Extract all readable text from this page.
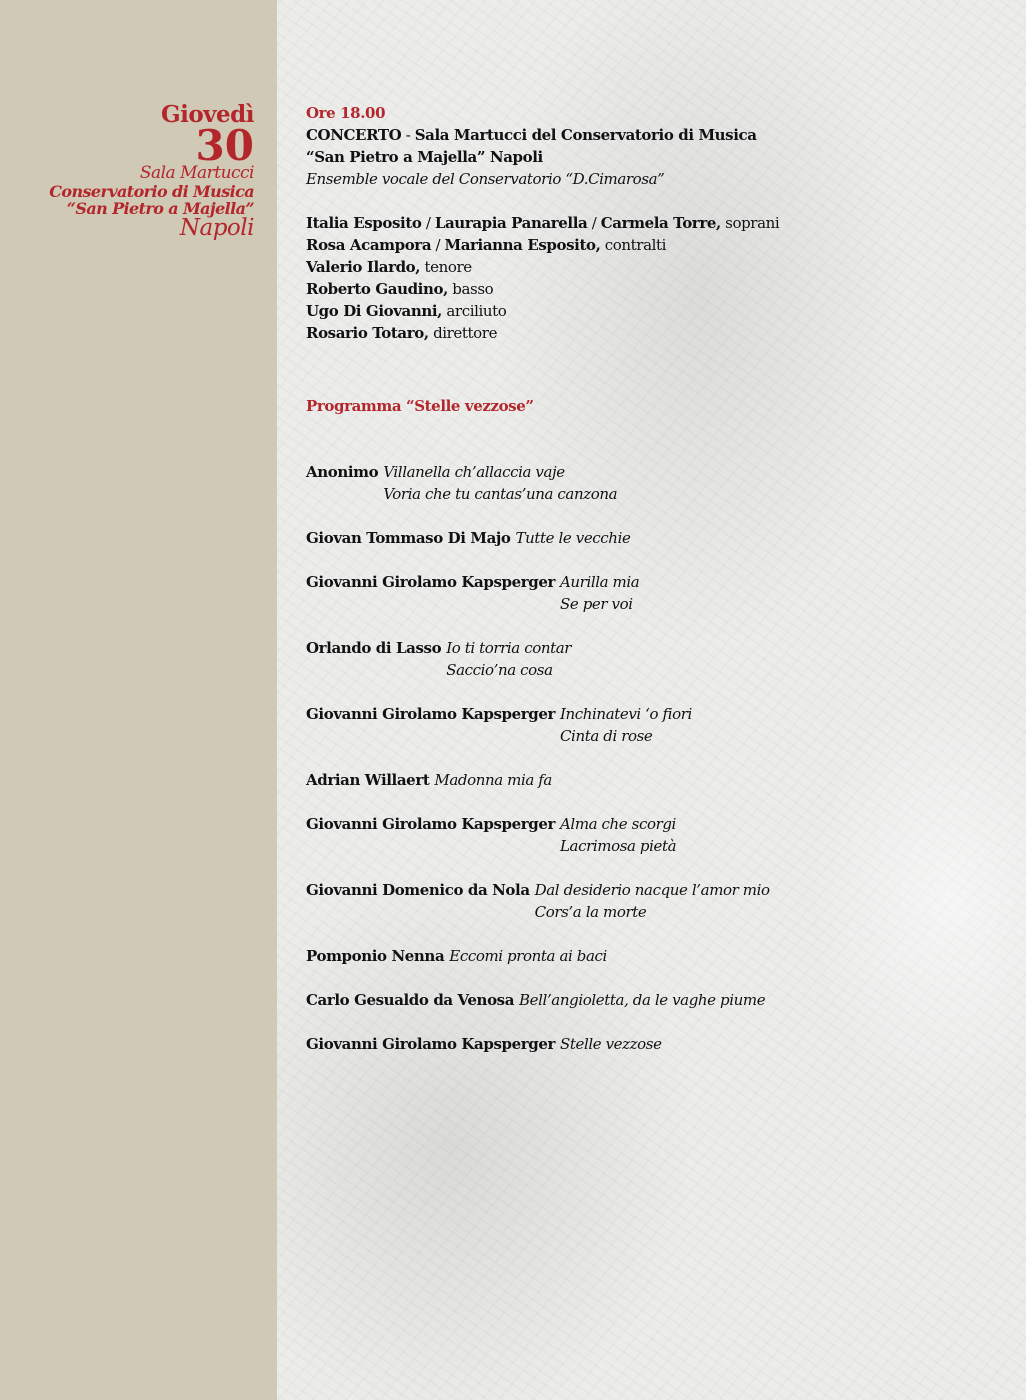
Giovedì
30
Sala Martucci
Conservatorio di Musica
“San Pietro a Majella”
Napoli
Ore 18.00
CONCERTO - Sala Martucci del Conservatorio di Musica
“San Pietro a Majella” Napoli
Ensemble vocale del Conservatorio “D.Cimarosa”
Italia Esposito / Laurapia Panarella / Carmela Torre, soprani
Rosa Acampora / Marianna Esposito, contralti
Valerio Ilardo, tenore
Roberto Gaudino, basso
Ugo Di Giovanni, arciliuto
Rosario Totaro, direttore
Programma “Stelle vezzose”
Anonimo Villanella ch’allaccia vaje
Voria che tu cantas’una canzona
Giovan Tommaso Di Majo Tutte le vecchie
Giovanni Girolamo Kapsperger Aurilla mia
Se per voi
Orlando di Lasso Io ti torria contar
Saccio’na cosa
Giovanni Girolamo Kapsperger Inchinatevi ‘o fiori
Cinta di rose
Adrian Willaert Madonna mia fa
Giovanni Girolamo Kapsperger Alma che scorgi
Lacrimosa pietà
Giovanni Domenico da Nola Dal desiderio nacque l’amor mio
Cors’a la morte
Pomponio Nenna Eccomi pronta ai baci
Carlo Gesualdo da Venosa Bell’angioletta, da le vaghe piume
Giovanni Girolamo Kapsperger Stelle vezzose
